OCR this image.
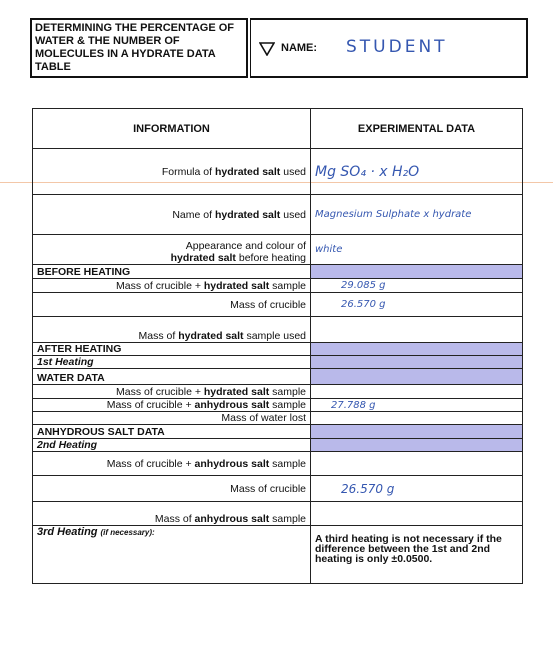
DETERMINING THE PERCENTAGE OF WATER & THE NUMBER OF MOLECULES IN A HYDRATE DATA TABLE
NAME: STUDENT
INFORMATION	EXPERIMENTAL DATA
Formula of hydrated salt used	Mg SO₄ · x H₂O
Name of hydrated salt used	Magnesium Sulphate x hydrate
Appearance and colour of
hydrated salt before heating	white
BEFORE HEATING	
Mass of crucible + hydrated salt sample	29.085 g
Mass of crucible	26.570 g
Mass of hydrated salt sample used	
AFTER HEATING	
1st Heating	
WATER DATA	
Mass of crucible + hydrated salt sample	
Mass of crucible + anhydrous salt sample	27.788 g
Mass of water lost	
ANHYDROUS SALT DATA	
2nd Heating	
Mass of crucible + anhydrous salt sample	
Mass of crucible	26.570 g
Mass of anhydrous salt sample	
3rd Heating (if necessary):	A third heating is not necessary if the difference between the 1st and 2nd heating is only ±0.0500.
